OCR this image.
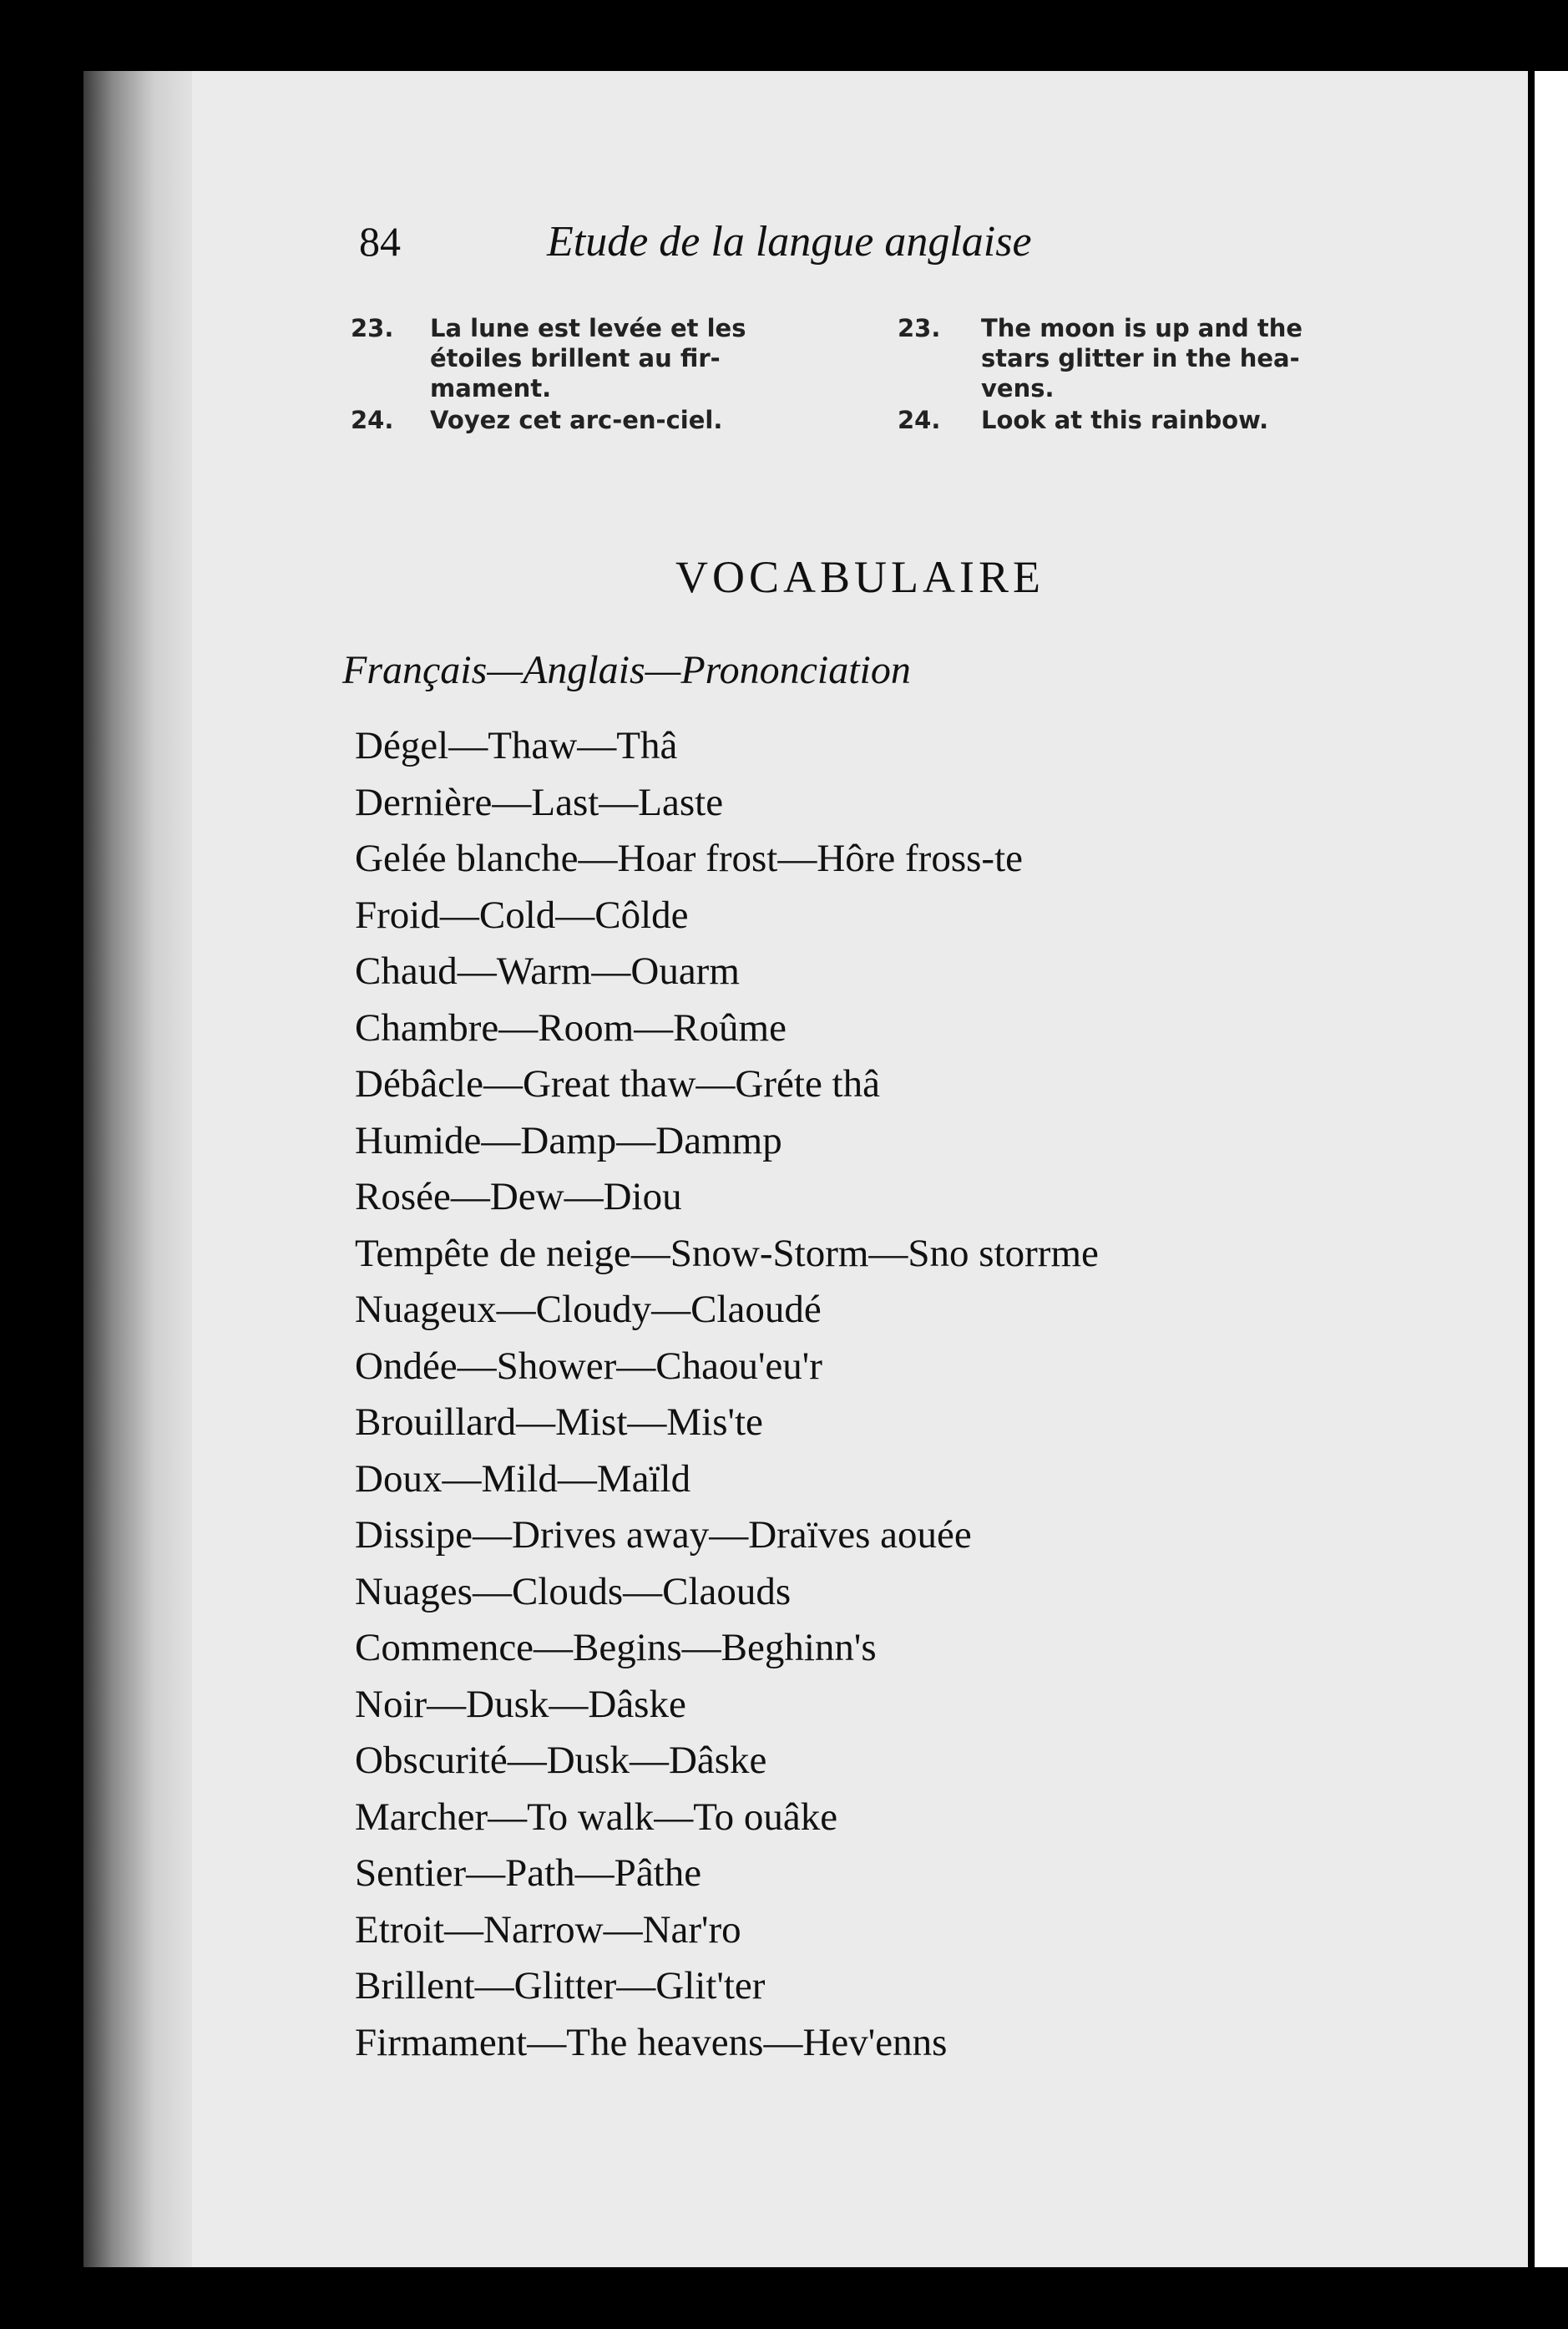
84	Etude de la langue anglaise
23. La lune est levée et les
étoiles brillent au fir-
mament.
24. Voyez cet arc-en-ciel.
23. The moon is up and the
stars glitter in the hea-
vens.
24. Look at this rainbow.
VOCABULAIRE
Français—Anglais—Prononciation
Dégel—Thaw—Thâ
Dernière—Last—Laste
Gelée blanche—Hoar frost—Hôre fross-te
Froid—Cold—Côlde
Chaud—Warm—Ouarm
Chambre—Room—Roûme
Débâcle—Great thaw—Gréte thâ
Humide—Damp—Dammp
Rosée—Dew—Diou
Tempête de neige—Snow-Storm—Sno storrme
Nuageux—Cloudy—Claoudé
Ondée—Shower—Chaou'eu'r
Brouillard—Mist—Mis'te
Doux—Mild—Maïld
Dissipe—Drives away—Draïves aouée
Nuages—Clouds—Claouds
Commence—Begins—Beghinn's
Noir—Dusk—Dâske
Obscurité—Dusk—Dâske
Marcher—To walk—To ouâke
Sentier—Path—Pâthe
Etroit—Narrow—Nar'ro
Brillent—Glitter—Glit'ter
Firmament—The heavens—Hev'enns
